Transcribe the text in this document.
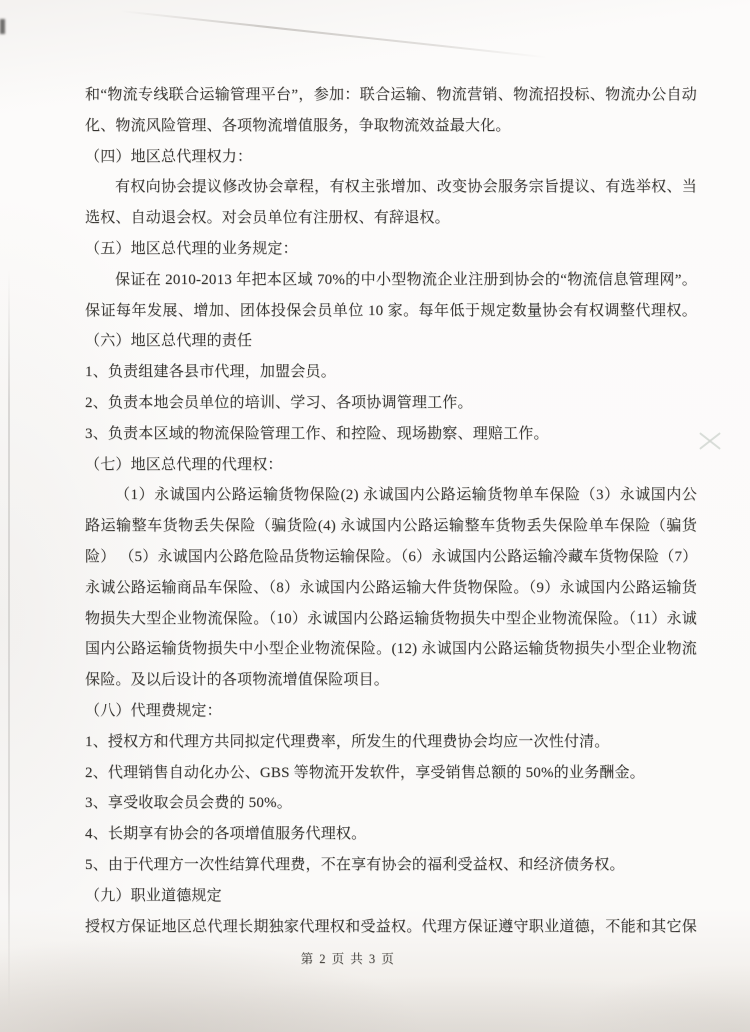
和“物流专线联合运输管理平台”，参加：联合运输、物流营销、物流招投标、物流办公自动
化、物流风险管理、各项物流增值服务，争取物流效益最大化。
（四）地区总代理权力：
有权向协会提议修改协会章程，有权主张增加、改变协会服务宗旨提议、有选举权、当
选权、自动退会权。对会员单位有注册权、有辞退权。
（五）地区总代理的业务规定：
保证在 2010-2013 年把本区域 70%的中小型物流企业注册到协会的“物流信息管理网”。
保证每年发展、增加、团体投保会员单位 10 家。每年低于规定数量协会有权调整代理权。
（六）地区总代理的责任
1、负责组建各县市代理，加盟会员。
2、负责本地会员单位的培训、学习、各项协调管理工作。
3、负责本区域的物流保险管理工作、和控险、现场勘察、理赔工作。
（七）地区总代理的代理权：
（1）永诚国内公路运输货物保险(2) 永诚国内公路运输货物单车保险（3）永诚国内公
路运输整车货物丢失保险（骗货险(4) 永诚国内公路运输整车货物丢失保险单车保险（骗货
险） （5）永诚国内公路危险品货物运输保险。（6）永诚国内公路运输冷藏车货物保险（7）
永诚公路运输商品车保险、（8）永诚国内公路运输大件货物保险。（9）永诚国内公路运输货
物损失大型企业物流保险。（10）永诚国内公路运输货物损失中型企业物流保险。（11）永诚
国内公路运输货物损失中小型企业物流保险。(12) 永诚国内公路运输货物损失小型企业物流
保险。及以后设计的各项物流增值保险项目。
（八）代理费规定：
1、授权方和代理方共同拟定代理费率，所发生的代理费协会均应一次性付清。
2、代理销售自动化办公、GBS 等物流开发软件，享受销售总额的 50%的业务酬金。
3、享受收取会员会费的 50%。
4、长期享有协会的各项增值服务代理权。
5、由于代理方一次性结算代理费，不在享有协会的福利受益权、和经济债务权。
（九）职业道德规定
授权方保证地区总代理长期独家代理权和受益权。代理方保证遵守职业道德，不能和其它保
第 2 页 共 3 页
